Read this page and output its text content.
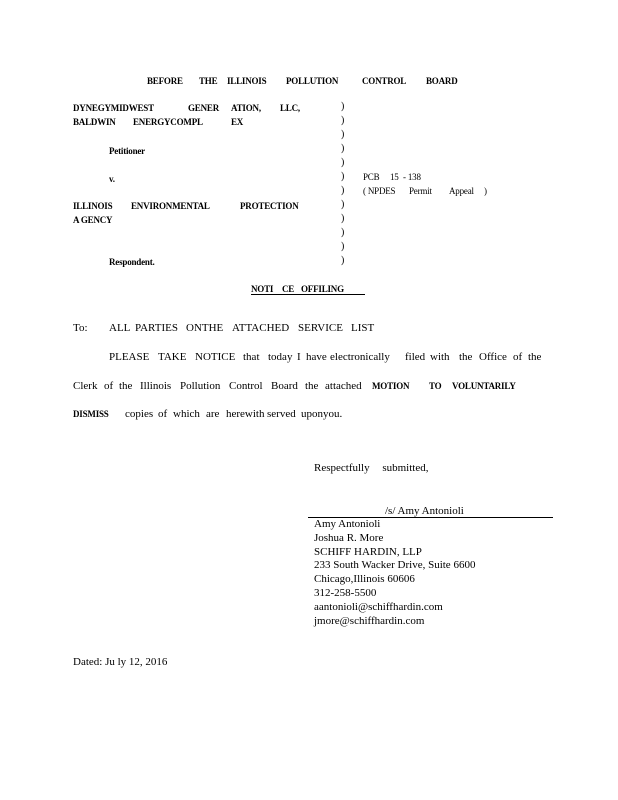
BEFORE THE ILLINOIS POLLUTION	CONTROL BOARD
DYNEGYMIDWEST	GENER ATION, LLC,
BALDWIN ENERGYCOMPL	EX
Petitioner
v.
ILLINOIS ENVIRONMENTAL	PROTECTION
A GENCY
Respondent.
)
)
)
)
)
)
)
)
)
)
)
)
PCB 15 - 138
( NPDES Permit Appeal )
NOTI CE OFFILING
To: ALL PARTIES ONTHE ATTACHED SERVICE LIST
PLEASE TAKE NOTICE that today I have electronically filed with the Office of the
Clerk of the Illinois Pollution Control Board the attached MOTION TO VOLUNTARILY
DISMISS copies of which are herewith served uponyou.
Respectfully submitted,
/s/ Amy Antonioli
Amy Antonioli
Joshua R. More
SCHIFF HARDIN, LLP
233 South Wacker Drive, Suite 6600
Chicago,Illinois 60606
312-258-5500
aantonioli@schiffhardin.com
jmore@schiffhardin.com
Dated: Ju ly 12, 2016
